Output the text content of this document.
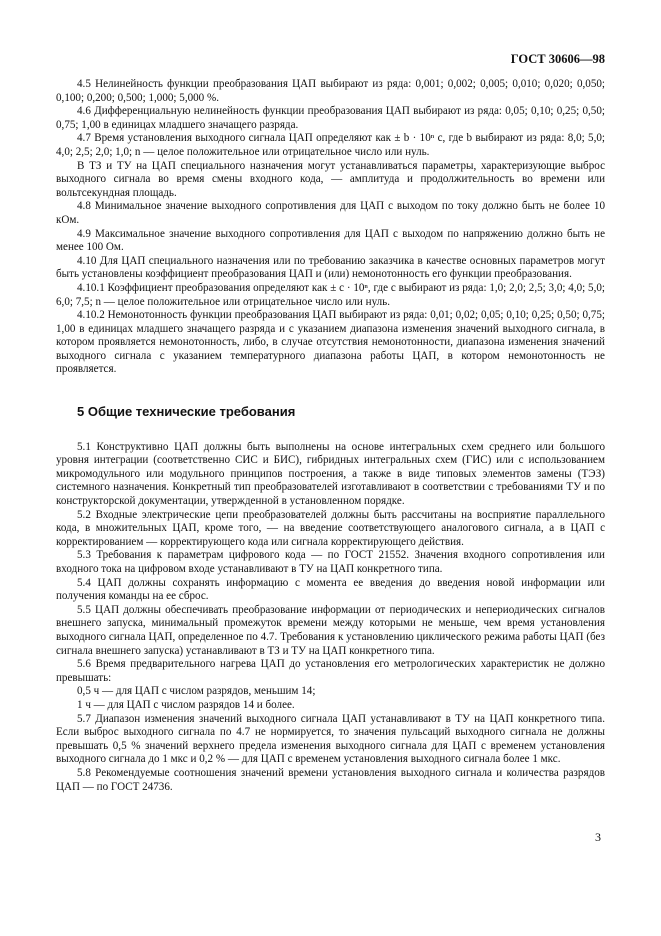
ГОСТ 30606—98

4.5 Нелинейность функции преобразования ЦАП выбирают из ряда: 0,001; 0,002; 0,005; 0,010; 0,020; 0,050; 0,100; 0,200; 0,500; 1,000; 5,000 %.

4.6 Дифференциальную нелинейность функции преобразования ЦАП выбирают из ряда: 0,05; 0,10; 0,25; 0,50; 0,75; 1,00 в единицах младшего значащего разряда.

4.7 Время установления выходного сигнала ЦАП определяют как ± b · 10ⁿ с, где b выбирают из ряда: 8,0; 5,0; 4,0; 2,5; 2,0; 1,0; n — целое положительное или отрицательное число или нуль.

В ТЗ и ТУ на ЦАП специального назначения могут устанавливаться параметры, характеризующие выброс выходного сигнала во время смены входного кода, — амплитуда и продолжительность во времени или вольтсекундная площадь.

4.8 Минимальное значение выходного сопротивления для ЦАП с выходом по току должно быть не более 10 кОм.

4.9 Максимальное значение выходного сопротивления для ЦАП с выходом по напряжению должно быть не менее 100 Ом.

4.10 Для ЦАП специального назначения или по требованию заказчика в качестве основных параметров могут быть установлены коэффициент преобразования ЦАП и (или) немонотонность его функции преобразования.

4.10.1 Коэффициент преобразования определяют как ± c · 10ⁿ, где c выбирают из ряда: 1,0; 2,0; 2,5; 3,0; 4,0; 5,0; 6,0; 7,5; n — целое положительное или отрицательное число или нуль.

4.10.2 Немонотонность функции преобразования ЦАП выбирают из ряда: 0,01; 0,02; 0,05; 0,10; 0,25; 0,50; 0,75; 1,00 в единицах младшего значащего разряда и с указанием диапазона изменения значений выходного сигнала, в котором проявляется немонотонность, либо, в случае отсутствия немонотонности, диапазона изменения значений выходного сигнала с указанием температурного диапазона работы ЦАП, в котором немонотонность не проявляется.

5 Общие технические требования

5.1 Конструктивно ЦАП должны быть выполнены на основе интегральных схем среднего или большого уровня интеграции (соответственно СИС и БИС), гибридных интегральных схем (ГИС) или с использованием микромодульного или модульного принципов построения, а также в виде типовых элементов замены (ТЭЗ) системного назначения. Конкретный тип преобразователей изготавливают в соответствии с требованиями ТУ и по конструкторской документации, утвержденной в установленном порядке.

5.2 Входные электрические цепи преобразователей должны быть рассчитаны на восприятие параллельного кода, в множительных ЦАП, кроме того, — на введение соответствующего аналогового сигнала, а в ЦАП с корректированием — корректирующего кода или сигнала корректирующего действия.

5.3 Требования к параметрам цифрового кода — по ГОСТ 21552. Значения входного сопротивления или входного тока на цифровом входе устанавливают в ТУ на ЦАП конкретного типа.

5.4 ЦАП должны сохранять информацию с момента ее введения до введения новой информации или получения команды на ее сброс.

5.5 ЦАП должны обеспечивать преобразование информации от периодических и непериодических сигналов внешнего запуска, минимальный промежуток времени между которыми не меньше, чем время установления выходного сигнала ЦАП, определенное по 4.7. Требования к установлению циклического режима работы ЦАП (без сигнала внешнего запуска) устанавливают в ТЗ и ТУ на ЦАП конкретного типа.

5.6 Время предварительного нагрева ЦАП до установления его метрологических характеристик не должно превышать:

0,5 ч — для ЦАП с числом разрядов, меньшим 14;

1 ч — для ЦАП с числом разрядов 14 и более.

5.7 Диапазон изменения значений выходного сигнала ЦАП устанавливают в ТУ на ЦАП конкретного типа. Если выброс выходного сигнала по 4.7 не нормируется, то значения пульсаций выходного сигнала не должны превышать 0,5 % значений верхнего предела изменения выходного сигнала для ЦАП с временем установления выходного сигнала до 1 мкс и 0,2 % — для ЦАП с временем установления выходного сигнала более 1 мкс.

5.8 Рекомендуемые соотношения значений времени установления выходного сигнала и количества разрядов ЦАП — по ГОСТ 24736.

3
